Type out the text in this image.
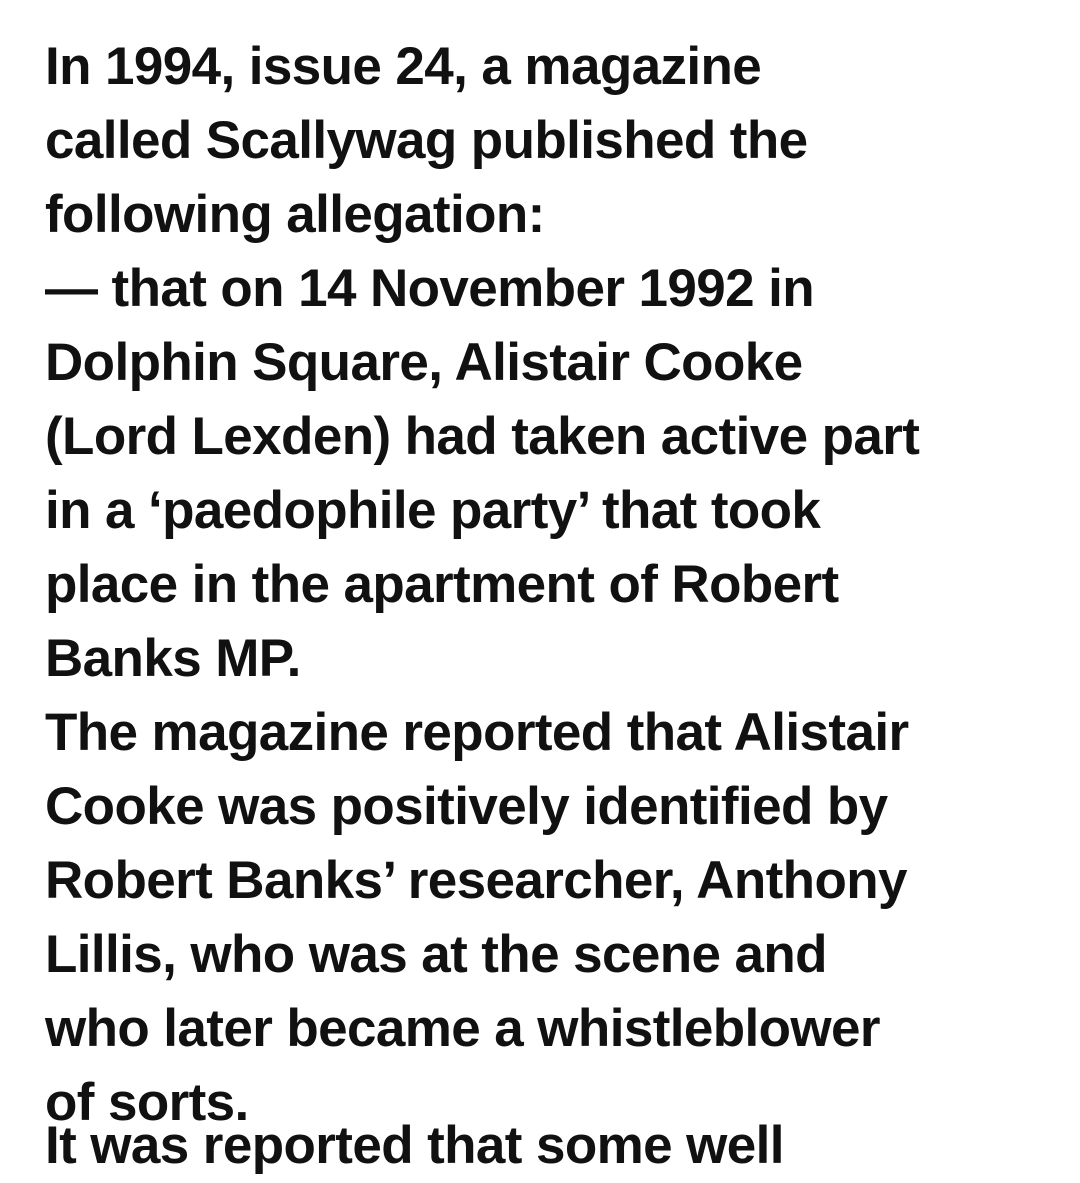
In 1994, issue 24, a magazine
called Scallywag published the
following allegation:
— that on 14 November 1992 in
Dolphin Square, Alistair Cooke
(Lord Lexden) had taken active part
in a ‘paedophile party’ that took
place in the apartment of Robert
Banks MP.
The magazine reported that Alistair
Cooke was positively identified by
Robert Banks’ researcher, Anthony
Lillis, who was at the scene and
who later became a whistleblower
of sorts.
It was reported that some well
